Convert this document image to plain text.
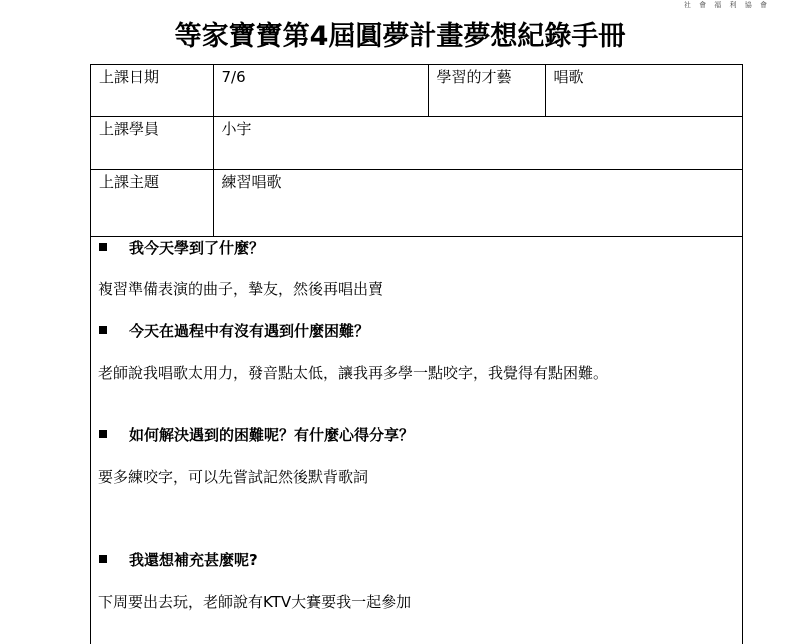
社 會 福 利 協 會
等家寶寶第4屆圓夢計畫夢想紀錄手冊
上課日期	7/6	學習的才藝	唱歌
上課學員	小宇		
上課主題	練習唱歌		
我今天學到了什麼？
複習準備表演的曲子，摯友，然後再唱出賣
今天在過程中有沒有遇到什麼困難？
老師說我唱歌太用力，發音點太低，讓我再多學一點咬字，我覺得有點困難。
如何解決遇到的困難呢？有什麼心得分享？
要多練咬字，可以先嘗試記然後默背歌詞
我還想補充甚麼呢?
下周要出去玩，老師說有KTV大賽要我一起參加
